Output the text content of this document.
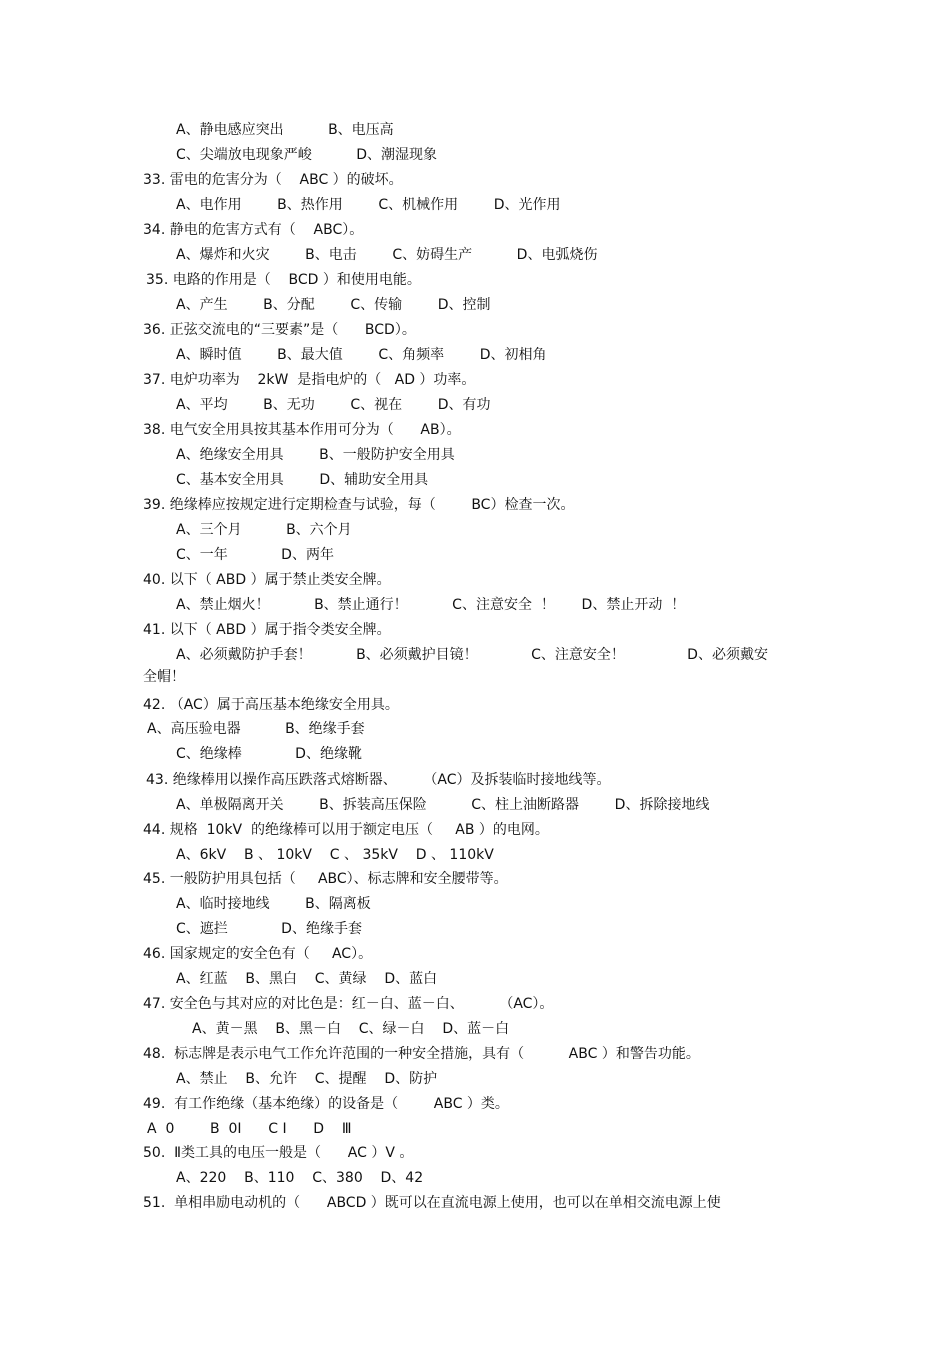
A、静电感应突出          B、电压高
C、尖端放电现象严峻          D、潮湿现象
33. 雷电的危害分为（    ABC ）的破坏。
A、电作用        B、热作用        C、机械作用        D、光作用
34. 静电的危害方式有（    ABC）。
A、爆炸和火灾        B、电击        C、妨碍生产          D、电弧烧伤
35. 电路的作用是（    BCD ）和使用电能。
A、产生        B、分配        C、传输        D、控制
36. 正弦交流电的“三要素”是（      BCD）。
A、瞬时值        B、最大值        C、角频率        D、初相角
37. 电炉功率为    2kW  是指电炉的（   AD ）功率。
A、平均        B、无功        C、视在        D、有功
38. 电气安全用具按其基本作用可分为（      AB）。
A、绝缘安全用具        B、一般防护安全用具
C、基本安全用具        D、辅助安全用具
39. 绝缘棒应按规定进行定期检查与试验，每（        BC）检查一次。
A、三个月          B、六个月
C、一年            D、两年
40. 以下（ ABD ）属于禁止类安全牌。
A、禁止烟火！          B、禁止通行！          C、注意安全  ！      D、禁止开动  ！
41. 以下（ ABD ）属于指令类安全牌。
A、必须戴防护手套！          B、必须戴护目镜！            C、注意安全！              D、必须戴安
全帽！
42. （AC）属于高压基本绝缘安全用具。
A、高压验电器          B、绝缘手套
C、绝缘棒            D、绝缘靴
43. 绝缘棒用以操作高压跌落式熔断器、      （AC）及拆装临时接地线等。
A、单极隔离开关        B、拆装高压保险          C、柱上油断路器        D、拆除接地线
44. 规格  10kV  的绝缘棒可以用于额定电压（     AB ）的电网。
A、6kV    B 、 10kV    C 、 35kV    D 、 110kV
45. 一般防护用具包括（     ABC）、标志牌和安全腰带等。
A、临时接地线        B、隔离板
C、遮拦            D、绝缘手套
46. 国家规定的安全色有（     AC）。
A、红蓝    B、黑白    C、黄绿    D、蓝白
47. 安全色与其对应的对比色是：红－白、蓝－白、        （AC）。
A、黄－黑    B、黑－白    C、绿－白    D、蓝－白
48.  标志牌是表示电气工作允许范围的一种安全措施，具有（          ABC ）和警告功能。
A、禁止    B、允许    C、提醒    D、防护
49.  有工作绝缘（基本绝缘）的设备是（        ABC ）类。
A  0        B  0I      C I      D    Ⅲ
50.  Ⅱ类工具的电压一般是（      AC ）V 。
A、220    B、110    C、380    D、42
51.  单相串励电动机的（      ABCD ）既可以在直流电源上使用，也可以在单相交流电源上使
